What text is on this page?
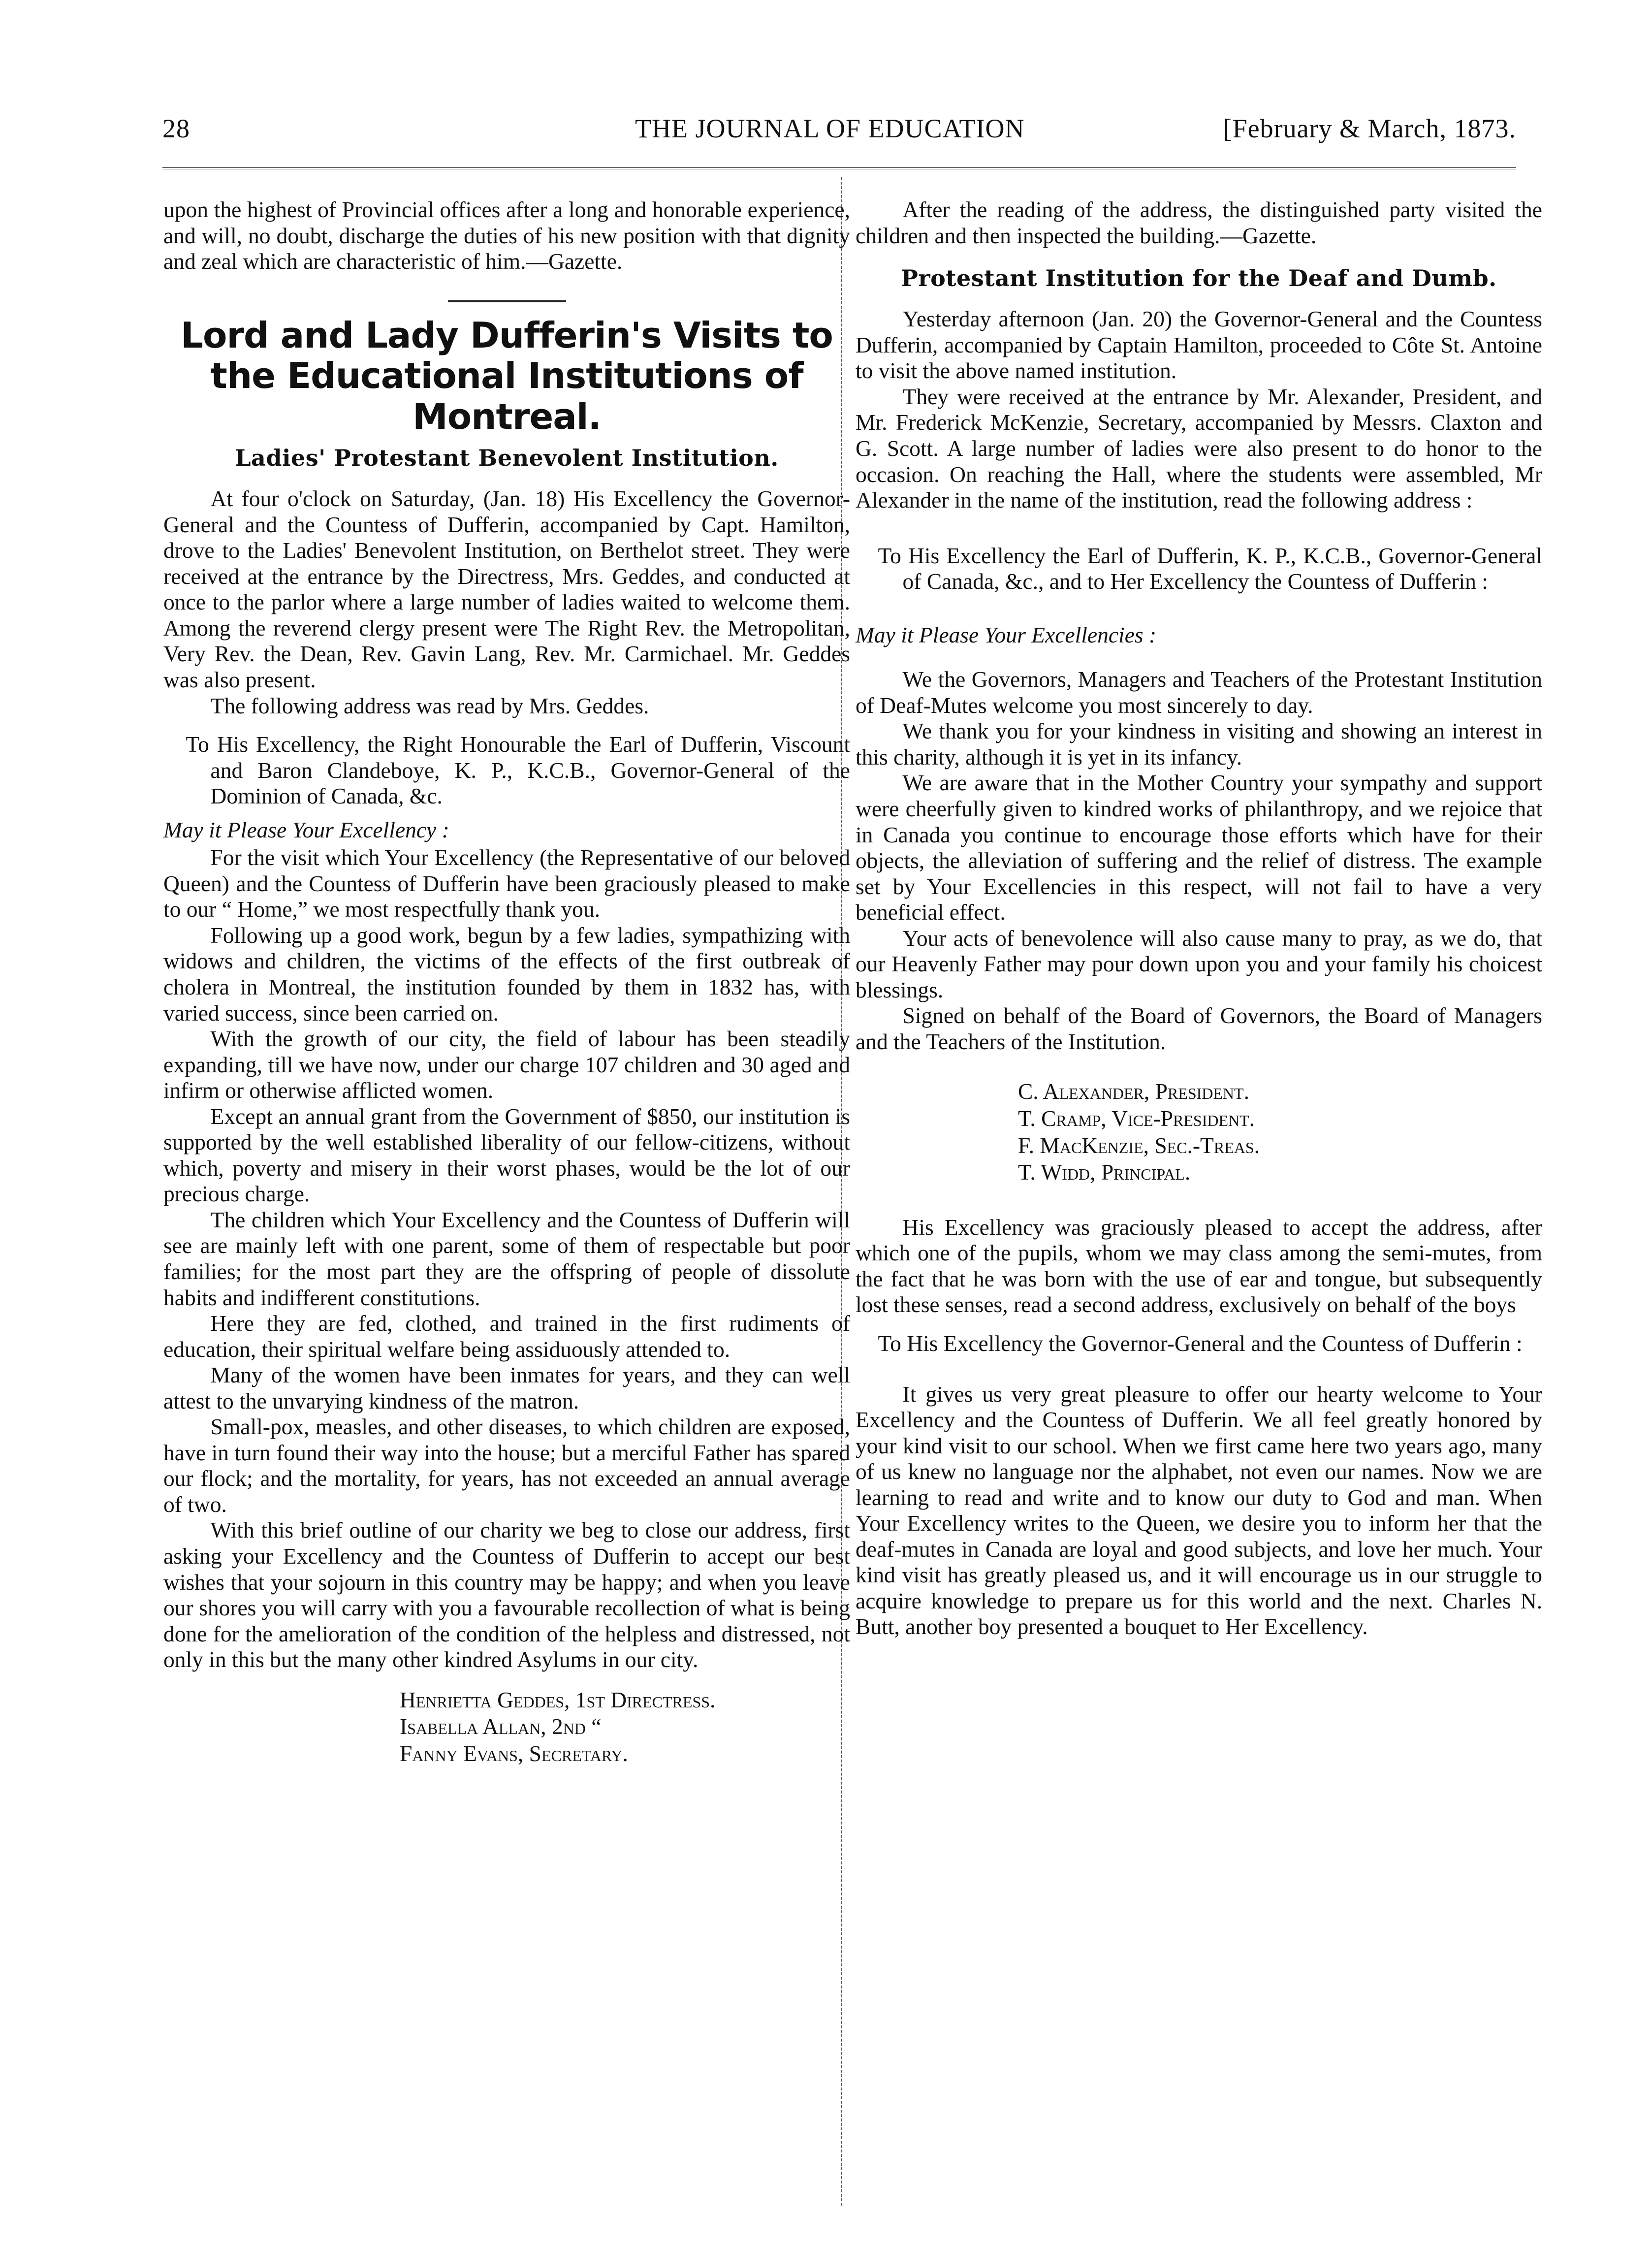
28	THE JOURNAL OF EDUCATION	[February & March, 1873.

upon the highest of Provincial offices after a long and honorable experience, and will, no doubt, discharge the duties of his new position with that dignity and zeal which are characteristic of him.—Gazette.

Lord and Lady Dufferin's Visits to the Educational Institutions of Montreal.
Ladies' Protestant Benevolent Institution.

At four o'clock on Saturday, (Jan. 18) His Excellency the Governor-General and the Countess of Dufferin, accompanied by Capt. Hamilton, drove to the Ladies' Benevolent Institution, on Berthelot street. They were received at the entrance by the Directress, Mrs. Geddes, and conducted at once to the parlor where a large number of ladies waited to welcome them. Among the reverend clergy present were The Right Rev. the Metropolitan, Very Rev. the Dean, Rev. Gavin Lang, Rev. Mr. Carmichael. Mr. Geddes was also present.

The following address was read by Mrs. Geddes.

To His Excellency, the Right Honourable the Earl of Dufferin, Viscount and Baron Clandeboye, K. P., K.C.B., Governor-General of the Dominion of Canada, &c.
May it Please Your Excellency :

For the visit which Your Excellency (the Representative of our beloved Queen) and the Countess of Dufferin have been graciously pleased to make to our “ Home,” we most respectfully thank you.

Following up a good work, begun by a few ladies, sympathizing with widows and children, the victims of the effects of the first outbreak of cholera in Montreal, the institution founded by them in 1832 has, with varied success, since been carried on.

With the growth of our city, the field of labour has been steadily expanding, till we have now, under our charge 107 children and 30 aged and infirm or otherwise afflicted women.

Except an annual grant from the Government of $850, our institution is supported by the well established liberality of our fellow-citizens, without which, poverty and misery in their worst phases, would be the lot of our precious charge.

The children which Your Excellency and the Countess of Dufferin will see are mainly left with one parent, some of them of respectable but poor families; for the most part they are the offspring of people of dissolute habits and indifferent constitutions.

Here they are fed, clothed, and trained in the first rudiments of education, their spiritual welfare being assiduously attended to.

Many of the women have been inmates for years, and they can well attest to the unvarying kindness of the matron.

Small-pox, measles, and other diseases, to which children are exposed, have in turn found their way into the house; but a merciful Father has spared our flock; and the mortality, for years, has not exceeded an annual average of two.

With this brief outline of our charity we beg to close our address, first asking your Excellency and the Countess of Dufferin to accept our best wishes that your sojourn in this country may be happy; and when you leave our shores you will carry with you a favourable recollection of what is being done for the amelioration of the condition of the helpless and distressed, not only in this but the many other kindred Asylums in our city.

Henrietta Geddes, 1st Directress.
Isabella Allan, 2nd “
Fanny Evans, Secretary.

After the reading of the address, the distinguished party visited the children and then inspected the building.—Gazette.

Protestant Institution for the Deaf and Dumb.

Yesterday afternoon (Jan. 20) the Governor-General and the Countess Dufferin, accompanied by Captain Hamilton, proceeded to Côte St. Antoine to visit the above named institution.

They were received at the entrance by Mr. Alexander, President, and Mr. Frederick McKenzie, Secretary, accompanied by Messrs. Claxton and G. Scott. A large number of ladies were also present to do honor to the occasion. On reaching the Hall, where the students were assembled, Mr Alexander in the name of the institution, read the following address :

To His Excellency the Earl of Dufferin, K. P., K.C.B., Governor-General of Canada, &c., and to Her Excellency the Countess of Dufferin :
May it Please Your Excellencies :

We the Governors, Managers and Teachers of the Protestant Institution of Deaf-Mutes welcome you most sincerely to day.

We thank you for your kindness in visiting and showing an interest in this charity, although it is yet in its infancy.

We are aware that in the Mother Country your sympathy and support were cheerfully given to kindred works of philanthropy, and we rejoice that in Canada you continue to encourage those efforts which have for their objects, the alleviation of suffering and the relief of distress. The example set by Your Excellencies in this respect, will not fail to have a very beneficial effect.

Your acts of benevolence will also cause many to pray, as we do, that our Heavenly Father may pour down upon you and your family his choicest blessings.

Signed on behalf of the Board of Governors, the Board of Managers and the Teachers of the Institution.

C. Alexander, President.
T. Cramp, Vice-President.
F. MacKenzie, Sec.-Treas.
T. Widd, Principal.

His Excellency was graciously pleased to accept the address, after which one of the pupils, whom we may class among the semi-mutes, from the fact that he was born with the use of ear and tongue, but subsequently lost these senses, read a second address, exclusively on behalf of the boys

To His Excellency the Governor-General and the Countess of Dufferin :

It gives us very great pleasure to offer our hearty welcome to Your Excellency and the Countess of Dufferin. We all feel greatly honored by your kind visit to our school. When we first came here two years ago, many of us knew no language nor the alphabet, not even our names. Now we are learning to read and write and to know our duty to God and man. When Your Excellency writes to the Queen, we desire you to inform her that the deaf-mutes in Canada are loyal and good subjects, and love her much. Your kind visit has greatly pleased us, and it will encourage us in our struggle to acquire knowledge to prepare us for this world and the next. Charles N. Butt, another boy presented a bouquet to Her Excellency.
